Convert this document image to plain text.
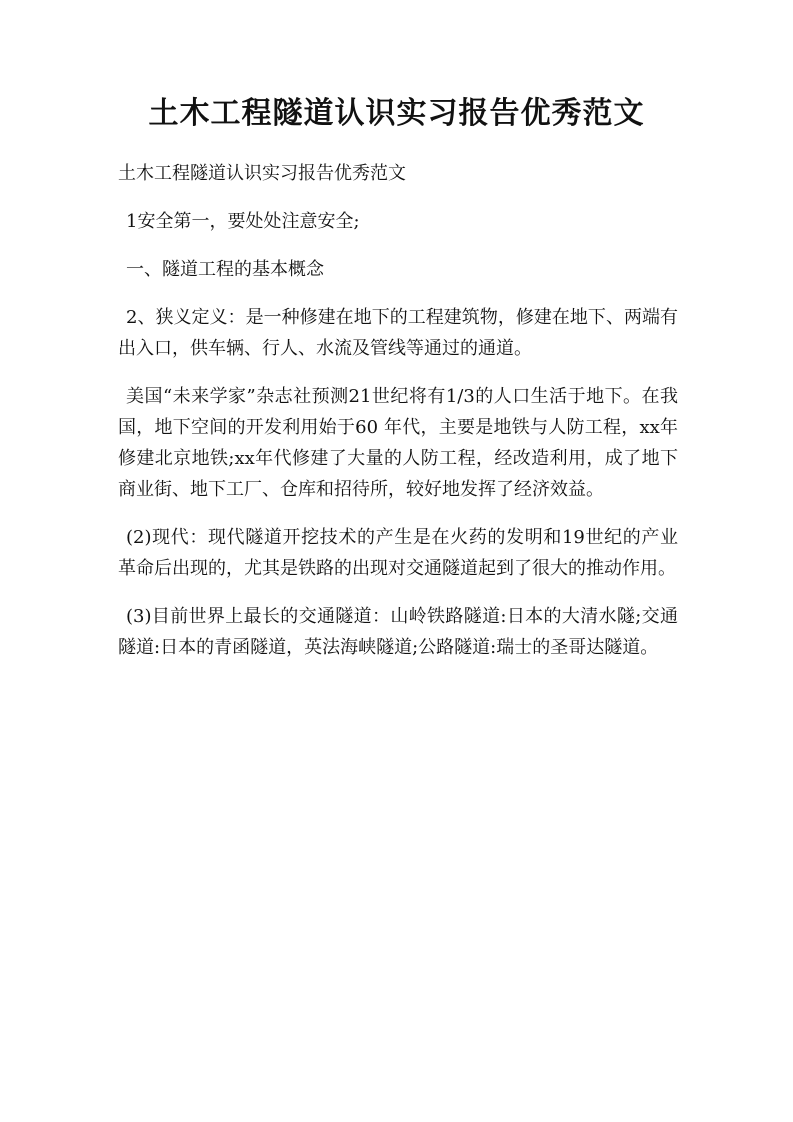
土木工程隧道认识实习报告优秀范文

土木工程隧道认识实习报告优秀范文

1安全第一，要处处注意安全;

一、隧道工程的基本概念

2、狭义定义：是一种修建在地下的工程建筑物，修建在地下、两端有出入口，供车辆、行人、水流及管线等通过的通道。

美国“未来学家”杂志社预测21世纪将有1/3的人口生活于地下。在我国，地下空间的开发利用始于60 年代，主要是地铁与人防工程，xx年修建北京地铁;xx年代修建了大量的人防工程，经改造利用，成了地下商业街、地下工厂、仓库和招待所，较好地发挥了经济效益。

(2)现代：现代隧道开挖技术的产生是在火药的发明和19世纪的产业革命后出现的，尤其是铁路的出现对交通隧道起到了很大的推动作用。

(3)目前世界上最长的交通隧道：山岭铁路隧道:日本的大清水隧;交通隧道:日本的青函隧道，英法海峡隧道;公路隧道:瑞士的圣哥达隧道。
